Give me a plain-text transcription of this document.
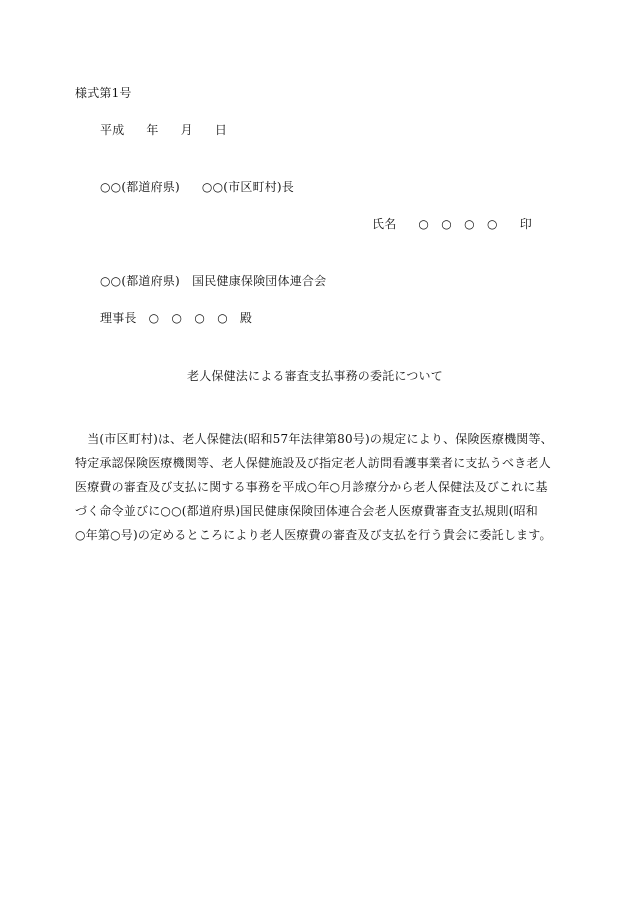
様式第1号
平成 年 月 日
○○(都道府県) ○○(市区町村)長
氏名 ○　○　○　○ 印
○○(都道府県)　国民健康保険団体連合会
理事長 ○　○　○　○ 殿
老人保健法による審査支払事務の委託について
　当(市区町村)は、老人保健法(昭和57年法律第80号)の規定により、保険医療機関等、
特定承認保険医療機関等、老人保健施設及び指定老人訪問看護事業者に支払うべき老人
医療費の審査及び支払に関する事務を平成○年○月診療分から老人保健法及びこれに基
づく命令並びに○○(都道府県)国民健康保険団体連合会老人医療費審査支払規則(昭和
○年第○号)の定めるところにより老人医療費の審査及び支払を行う貴会に委託します。
